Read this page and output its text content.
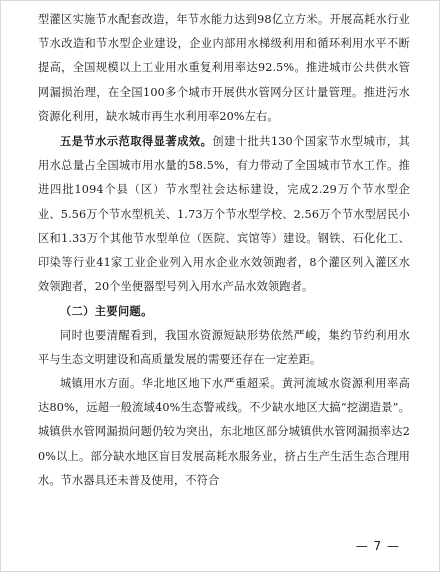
型灌区实施节水配套改造，年节水能力达到98亿立方米。开展高耗水行业节水改造和节水型企业建设，企业内部用水梯级利用和循环利用水平不断提高，全国规模以上工业用水重复利用率达92.5%。推进城市公共供水管网漏损治理，在全国100多个城市开展供水管网分区计量管理。推进污水资源化利用，缺水城市再生水利用率20%左右。

五是节水示范取得显著成效。创建十批共130个国家节水型城市，其用水总量占全国城市用水量的58.5%，有力带动了全国城市节水工作。推进四批1094个县（区）节水型社会达标建设，完成2.29万个节水型企业、5.56万个节水型机关、1.73万个节水型学校、2.56万个节水型居民小区和1.33万个其他节水型单位（医院、宾馆等）建设。钢铁、石化化工、印染等行业41家工业企业列入用水企业水效领跑者，8个灌区列入灌区水效领跑者，20个坐便器型号列入用水产品水效领跑者。

（二）主要问题。

同时也要清醒看到，我国水资源短缺形势依然严峻，集约节约利用水平与生态文明建设和高质量发展的需要还存在一定差距。

城镇用水方面。华北地区地下水严重超采。黄河流域水资源利用率高达80%，远超一般流域40%生态警戒线。不少缺水地区大搞“挖湖造景”。城镇供水管网漏损问题仍较为突出，东北地区部分城镇供水管网漏损率达20%以上。部分缺水地区盲目发展高耗水服务业，挤占生产生活生态合理用水。节水器具还未普及使用，不符合

— 7 —
